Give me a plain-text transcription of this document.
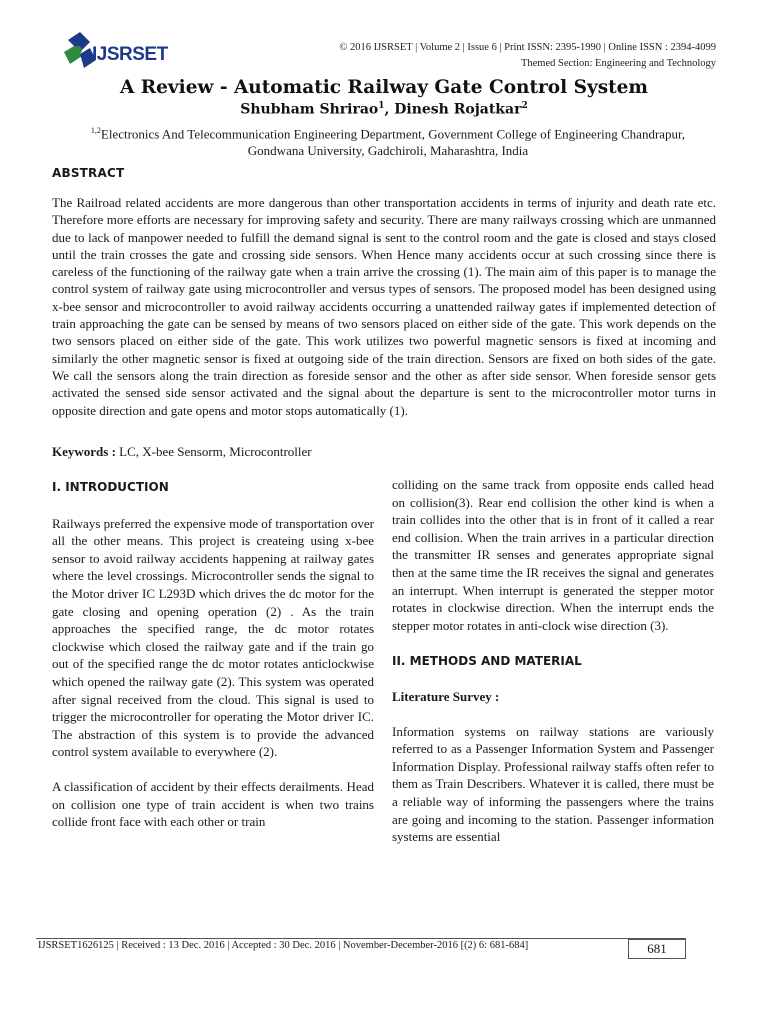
IJSRSET	© 2016 IJSRSET | Volume 2 | Issue 6 | Print ISSN: 2395-1990 | Online ISSN : 2394-4099
Themed Section: Engineering and Technology
A Review - Automatic Railway Gate Control System
Shubham Shrirao$^1$, Dinesh Rojatkar$^2$
$^{1,2}$Electronics And Telecommunication Engineering Department, Government College of Engineering Chandrapur,
Gondwana University, Gadchiroli, Maharashtra, India
ABSTRACT

The Railroad related accidents are more dangerous than other transportation accidents in terms of injurity and death rate etc. Therefore more efforts are necessary for improving safety and security. There are many railways crossing which are unmanned due to lack of manpower needed to fulfill the demand signal is sent to the control room and the gate is closed and stays closed until the train crosses the gate and crossing side sensors. When Hence many accidents occur at such crossing since there is careless of the functioning of the railway gate when a train arrive the crossing (1). The main aim of this paper is to manage the control system of railway gate using microcontroller and versus types of sensors. The proposed model has been designed using x-bee sensor and microcontroller to avoid railway accidents occurring a unattended railway gates if implemented detection of train approaching the gate can be sensed by means of two sensors placed on either side of the gate. This work depends on the two sensors placed on either side of the gate. This work utilizes two powerful magnetic sensors is fixed at incoming and similarly the other magnetic sensor is fixed at outgoing side of the train direction. Sensors are fixed on both sides of the gate. We call the sensors along the train direction as foreside sensor and the other as after side sensor. When foreside sensor gets activated the sensed side sensor activated and the signal about the departure is sent to the microcontroller motor turns in opposite direction and gate opens and motor stops automatically (1).

Keywords : LC, X-bee Sensorm, Microcontroller

I. INTRODUCTION

Railways preferred the expensive mode of transportation over all the other means. This project is createing using x-bee sensor to avoid railway accidents happening at railway gates where the level crossings. Microcontroller sends the signal to the Motor driver IC L293D which drives the dc motor for the gate closing and opening operation (2) . As the train approaches the specified range, the dc motor rotates clockwise which closed the railway gate and if the train go out of the specified range the dc motor rotates anticlockwise which opened the railway gate (2). This system was operated after signal received from the cloud. This signal is used to trigger the microcontroller for operating the Motor driver IC. The abstraction of this system is to provide the advanced control system available to everywhere (2).

A classification of accident by their effects derailments. Head on collision one type of train accident is when two trains collide front face with each other or train

colliding on the same track from opposite ends called head on collision(3). Rear end collision the other kind is when a train collides into the other that is in front of it called a rear end collision. When the train arrives in a particular direction the transmitter IR senses and generates appropriate signal then at the same time the IR receives the signal and generates an interrupt. When interrupt is generated the stepper motor rotates in clockwise direction. When the interrupt ends the stepper motor rotates in anti-clock wise direction (3).

II. METHODS AND MATERIAL

Literature Survey :

Information systems on railway stations are variously referred to as a Passenger Information System and Passenger Information Display. Professional railway staffs often refer to them as Train Describers. Whatever it is called, there must be a reliable way of informing the passengers where the trains are going and incoming to the station. Passenger information systems are essential

IJSRSET1626125 | Received : 13 Dec. 2016 | Accepted : 30 Dec. 2016 | November-December-2016 [(2) 6: 681-684]	681
